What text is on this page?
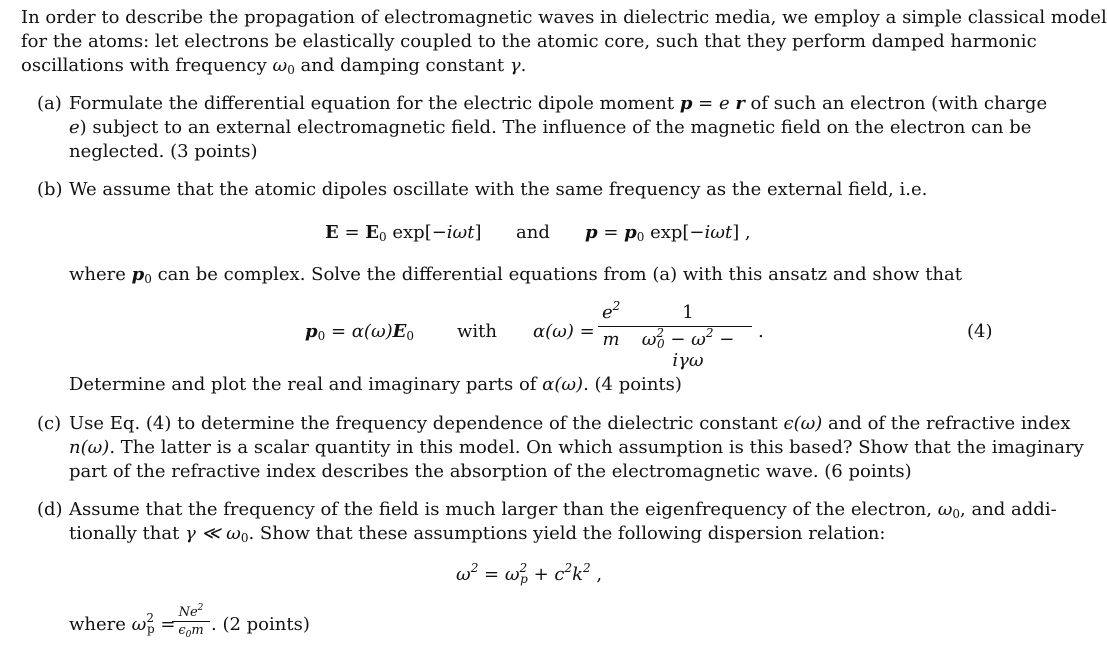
In order to describe the propagation of electromagnetic waves in dielectric media, we employ a simple classical model
for the atoms: let electrons be elastically coupled to the atomic core, such that they perform damped harmonic
oscillations with frequency $\omega_0$ and damping constant γ.
(a) Formulate the differential equation for the electric dipole moment p = e r of such an electron (with charge
e) subject to an external electromagnetic field. The influence of the magnetic field on the electron can be
neglected. (3 points)
(b) We assume that the atomic dipoles oscillate with the same frequency as the external field, i.e.
$E = E_0$ exp[−iωt] and $p = p_0$ exp[−iωt] ,
where $p_0$ can be complex. Solve the differential equations from (a) with this ansatz and show that
$p_0 = \alpha(\omega)E_0$ with α(ω) =
$e^2$
m
1
$\omega^2_0 - \omega^2 - i\gamma\omega$
.	(4)
Determine and plot the real and imaginary parts of α(ω). (4 points)
(c) Use Eq. (4) to determine the frequency dependence of the dielectric constant ϵ(ω) and of the refractive index
n(ω). The latter is a scalar quantity in this model. On which assumption is this based? Show that the imaginary
part of the refractive index describes the absorption of the electromagnetic wave. (6 points)
(d) Assume that the frequency of the field is much larger than the eigenfrequency of the electron, $\omega_0$, and addi-
tionally that γ ≪ $\omega_0$. Show that these assumptions yield the following dispersion relation:
$\omega^2 = \omega^2_p + c^2k^2$ ,
where $\omega^2_p$ =
$Ne^2$
$\epsilon_0m$ . (2 points)
